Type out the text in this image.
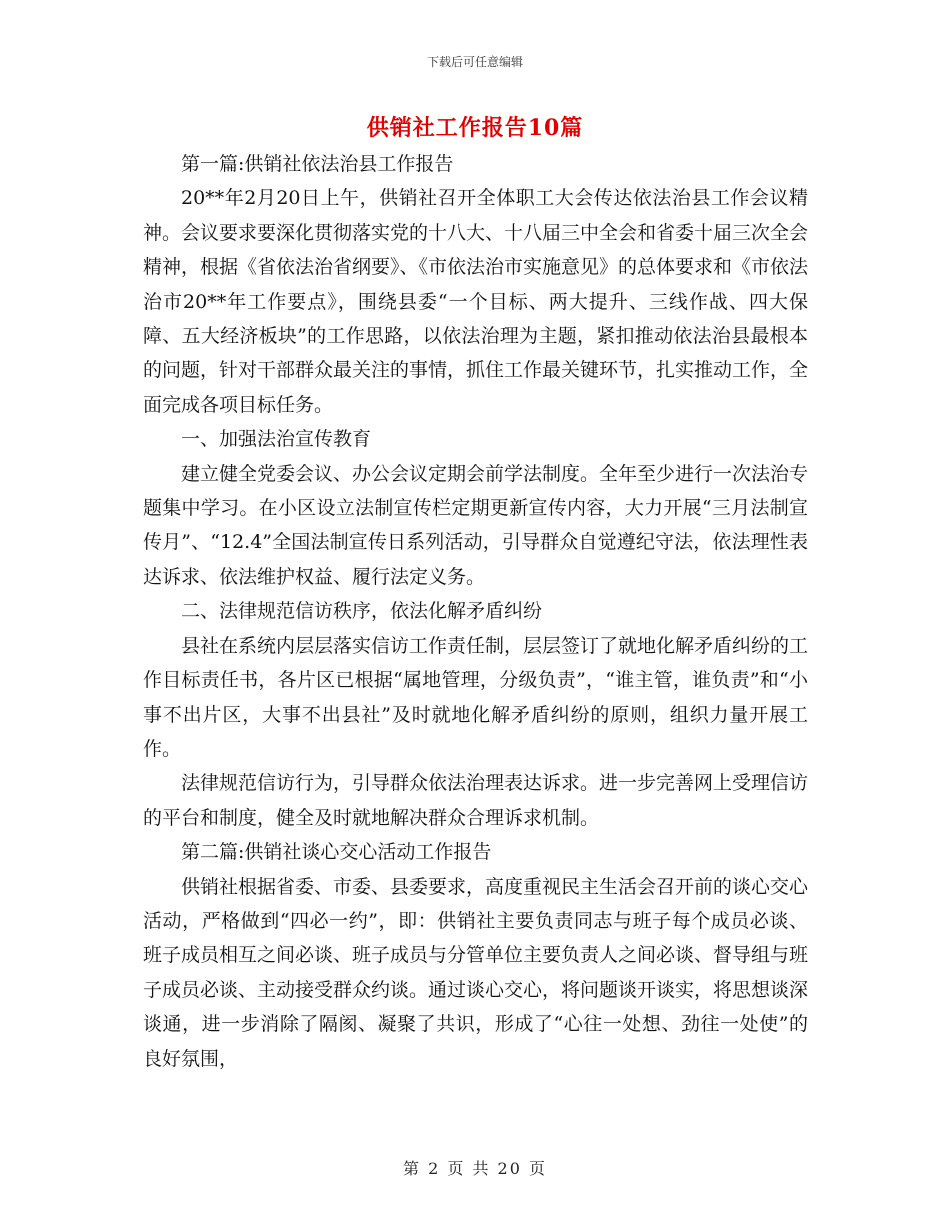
下载后可任意编辑
供销社工作报告10篇

第一篇:供销社依法治县工作报告

20**年2月20日上午，供销社召开全体职工大会传达依法治县工作会议精神。会议要求要深化贯彻落实党的十八大、十八届三中全会和省委十届三次全会精神，根据《省依法治省纲要》、《市依法治市实施意见》的总体要求和《市依法治市20**年工作要点》，围绕县委“一个目标、两大提升、三线作战、四大保障、五大经济板块”的工作思路，以依法治理为主题，紧扣推动依法治县最根本的问题，针对干部群众最关注的事情，抓住工作最关键环节，扎实推动工作，全面完成各项目标任务。

一、加强法治宣传教育

建立健全党委会议、办公会议定期会前学法制度。全年至少进行一次法治专题集中学习。在小区设立法制宣传栏定期更新宣传内容，大力开展“三月法制宣传月”、“12.4”全国法制宣传日系列活动，引导群众自觉遵纪守法，依法理性表达诉求、依法维护权益、履行法定义务。

二、法律规范信访秩序，依法化解矛盾纠纷

县社在系统内层层落实信访工作责任制，层层签订了就地化解矛盾纠纷的工作目标责任书，各片区已根据“属地管理，分级负责”，“谁主管，谁负责”和“小事不出片区，大事不出县社”及时就地化解矛盾纠纷的原则，组织力量开展工作。

法律规范信访行为，引导群众依法治理表达诉求。进一步完善网上受理信访的平台和制度，健全及时就地解决群众合理诉求机制。

第二篇:供销社谈心交心活动工作报告

供销社根据省委、市委、县委要求，高度重视民主生活会召开前的谈心交心活动，严格做到“四必一约”，即：供销社主要负责同志与班子每个成员必谈、班子成员相互之间必谈、班子成员与分管单位主要负责人之间必谈、督导组与班子成员必谈、主动接受群众约谈。通过谈心交心，将问题谈开谈实，将思想谈深谈通，进一步消除了隔阂、凝聚了共识，形成了“心往一处想、劲往一处使”的良好氛围，

第 2 页 共 20 页
